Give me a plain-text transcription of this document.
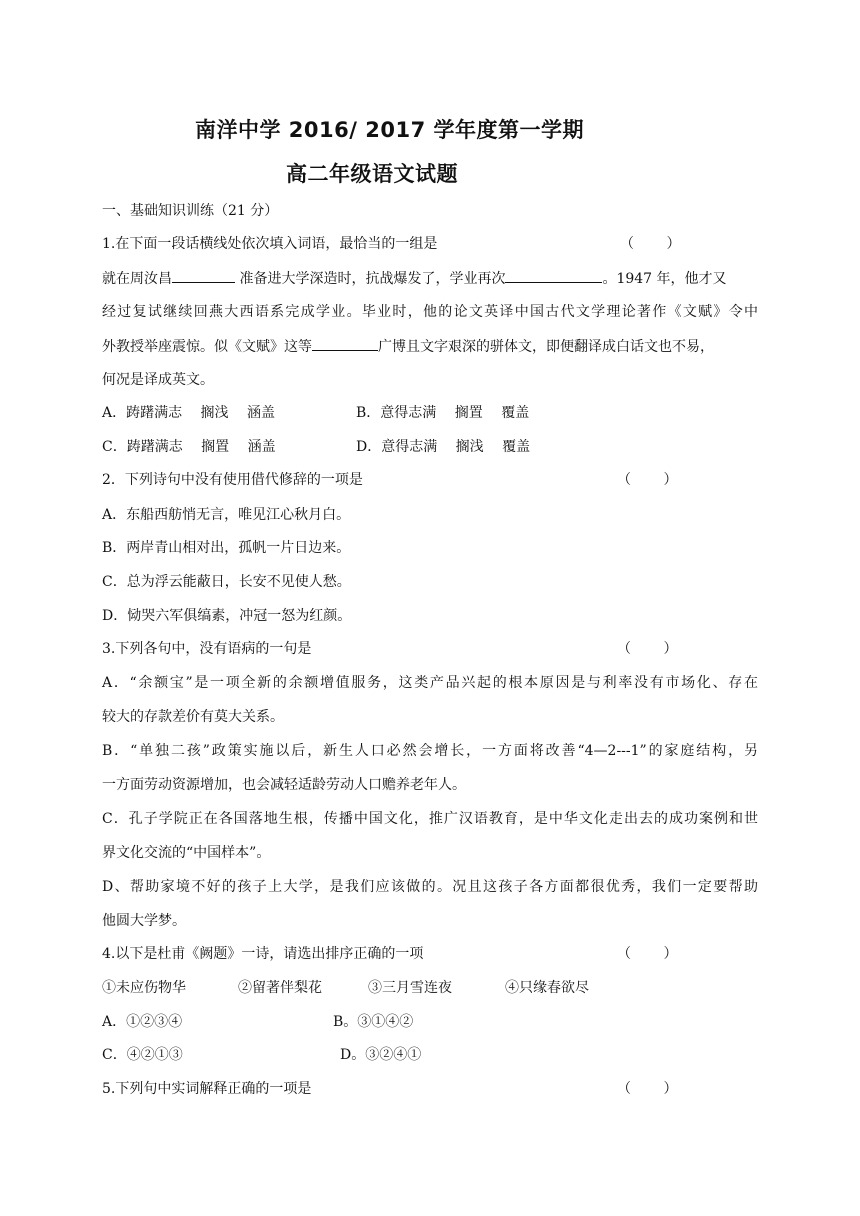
南洋中学 2016/ 2017 学年度第一学期
高二年级语文试题
一、基础知识训练（21 分）
1.在下面一段话横线处依次填入词语，最恰当的一组是	（　　 ）
就在周汝昌	准备进大学深造时，抗战爆发了，学业再次	。1947 年，他才又
经过复试继续回燕大西语系完成学业。毕业时，他的论文英译中国古代文学理论著作《文赋》令中
外教授举座震惊。似《文赋》这等	广博且文字艰深的骈体文，即便翻译成白话文也不易，
何况是译成英文。
A．踌躇满志　 搁浅　 涵盖	B．意得志满　 搁置　 覆盖
C．踌躇满志　 搁置　 涵盖	D．意得志满　 搁浅　 覆盖
2．下列诗句中没有使用借代修辞的一项是	（　　 ）
A．东船西舫悄无言，唯见江心秋月白。
B．两岸青山相对出，孤帆一片日边来。
C．总为浮云能蔽日，长安不见使人愁。
D．恸哭六军俱缟素，冲冠一怒为红颜。
3.下列各句中，没有语病的一句是	（　　 ）
A．“余额宝”是一项全新的余额增值服务，这类产品兴起的根本原因是与利率没有市场化、存在
较大的存款差价有莫大关系。
B．“单独二孩”政策实施以后，新生人口必然会增长，一方面将改善“4—2---1”的家庭结构，另
一方面劳动资源增加，也会减轻适龄劳动人口赡养老年人。
C．孔子学院正在各国落地生根，传播中国文化，推广汉语教育，是中华文化走出去的成功案例和世
界文化交流的“中国样本”。
D、帮助家境不好的孩子上大学，是我们应该做的。况且这孩子各方面都很优秀，我们一定要帮助
他圆大学梦。
4.以下是杜甫《阙题》一诗，请选出排序正确的一项	（　　 ）
①未应伤物华	②留著伴梨花	③三月雪连夜	④只缘春欲尽
A．①②③④	B。③①④②
C．④②①③	D。③②④①
5.下列句中实词解释正确的一项是	（　　 ）
